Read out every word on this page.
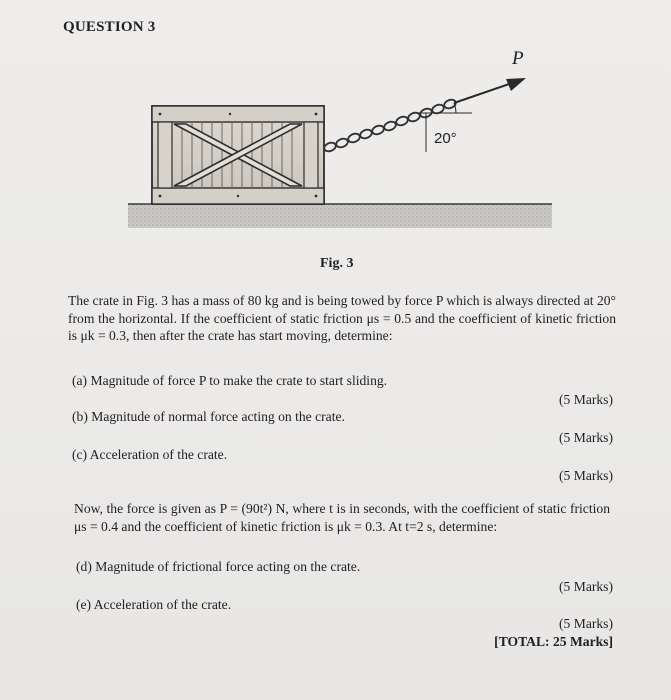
QUESTION 3
20°
P
Fig. 3

The crate in Fig. 3 has a mass of 80 kg and is being towed by force P which is always directed at 20° from the horizontal. If the coefficient of static friction μs = 0.5 and the coefficient of kinetic friction is μk = 0.3, then after the crate has start moving, determine:

(a) Magnitude of force P to make the crate to start sliding.
(5 Marks)
(b) Magnitude of normal force acting on the crate.
(5 Marks)
(c) Acceleration of the crate.
(5 Marks)

Now, the force is given as P = (90t²) N, where t is in seconds, with the coefficient of static friction μs = 0.4 and the coefficient of kinetic friction is μk = 0.3. At t=2 s, determine:

(d) Magnitude of frictional force acting on the crate.
(5 Marks)
(e) Acceleration of the crate.
(5 Marks)
[TOTAL: 25 Marks]
